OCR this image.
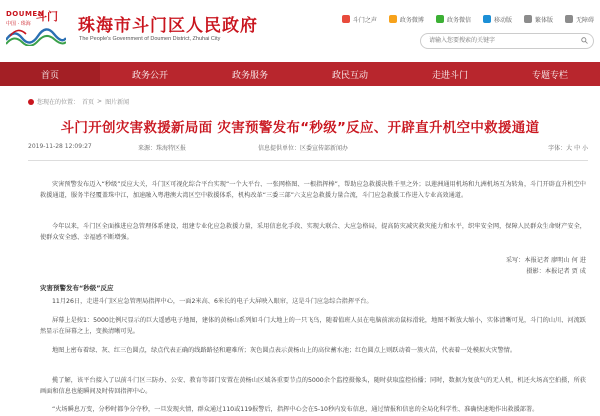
DOUMEN
斗门
中国 · 珠海	珠海市斗门区人民政府
The People's Government of Doumen District, Zhuhai City
斗门之声	政务微博	政务微信	移动版	繁体版	无障碍
请输入您要搜索的关键字
首页	政务公开	政务服务	政民互动	走进斗门	专题专栏
您现在的位置： 首页 > 图片新闻
斗门开创灾害救援新局面 灾害预警发布“秒级”反应、开辟直升机空中救援通道
2019-11-28 12:09:27	来源：珠海特区报	信息提供单位：区委宣传部新闻办	字体：大 中 小
灾害预警发布迈入“秒级”反应大关，斗门区可视化综合平台实现“一个大平台、一张网格图、一根指挥棒”，帮助应急救援决胜千里之外；以莲洲通用机场和九洲机场互为转角，斗门开辟直升机空中救援通道，服务半径覆盖珠中江，加速融入粤港澳大湾区空中救援体系，机构改革“三委三部”六支应急救援力量合流，斗门应急救援工作进入专业高效通道。
今年以来，斗门区全面推进应急管理体系建设，组建专业化应急救援力量，采用信息化手段、实现大联合、大应急格局，提高防灾减灾救灾能力和水平，织牢安全网，保障人民群众生命财产安全，使群众安全感、幸福感不断增强。
采写：本报记者 廖明山 何 进
摄影：本报记者 贾 成
灾害预警发布“秒级”反应
11月26日，走进斗门区应急管理局指挥中心，一面2米高、6米长的电子大屏映入眼帘，这是斗门应急综合指挥平台。
屏幕上是按1：5000比例尺显示的巨大遥感电子地图，建体的黄杨山系列如斗门大地上的一只飞鸟，随着值班人员在电脑前滚动鼠标滑轮，地图不断放大缩小，实体清晰可见，斗门的山川、河流跃然显示在屏幕之上，变换清晰可见。
地图上密布着绿、灰、红三色圆点，绿点代表正确的线路路径和避难所；灰色圆点表示黄杨山上的高位蓄水池；红色圆点上则跃动着一簇火苗，代表着一处模拟火灾警情。
揽了解，该平台接入了以前斗门区三防办、公安、教育等部门安置在黄杨山区域各重要节点的5000余个监控摄像头，随时获取监控拾播；同时，数据为复放气的无人机，机还火场高空拍摄，所获画面和信息也能瞬间及时传回指挥中心。
“火场瞬息万变，分秒时都争分夺秒，一旦发现火情，群众通过110或119报警后，指挥中心会在5-10秒内发布信息，通过情报和信息的全局化科学性、准确快速地作出救援部署。
